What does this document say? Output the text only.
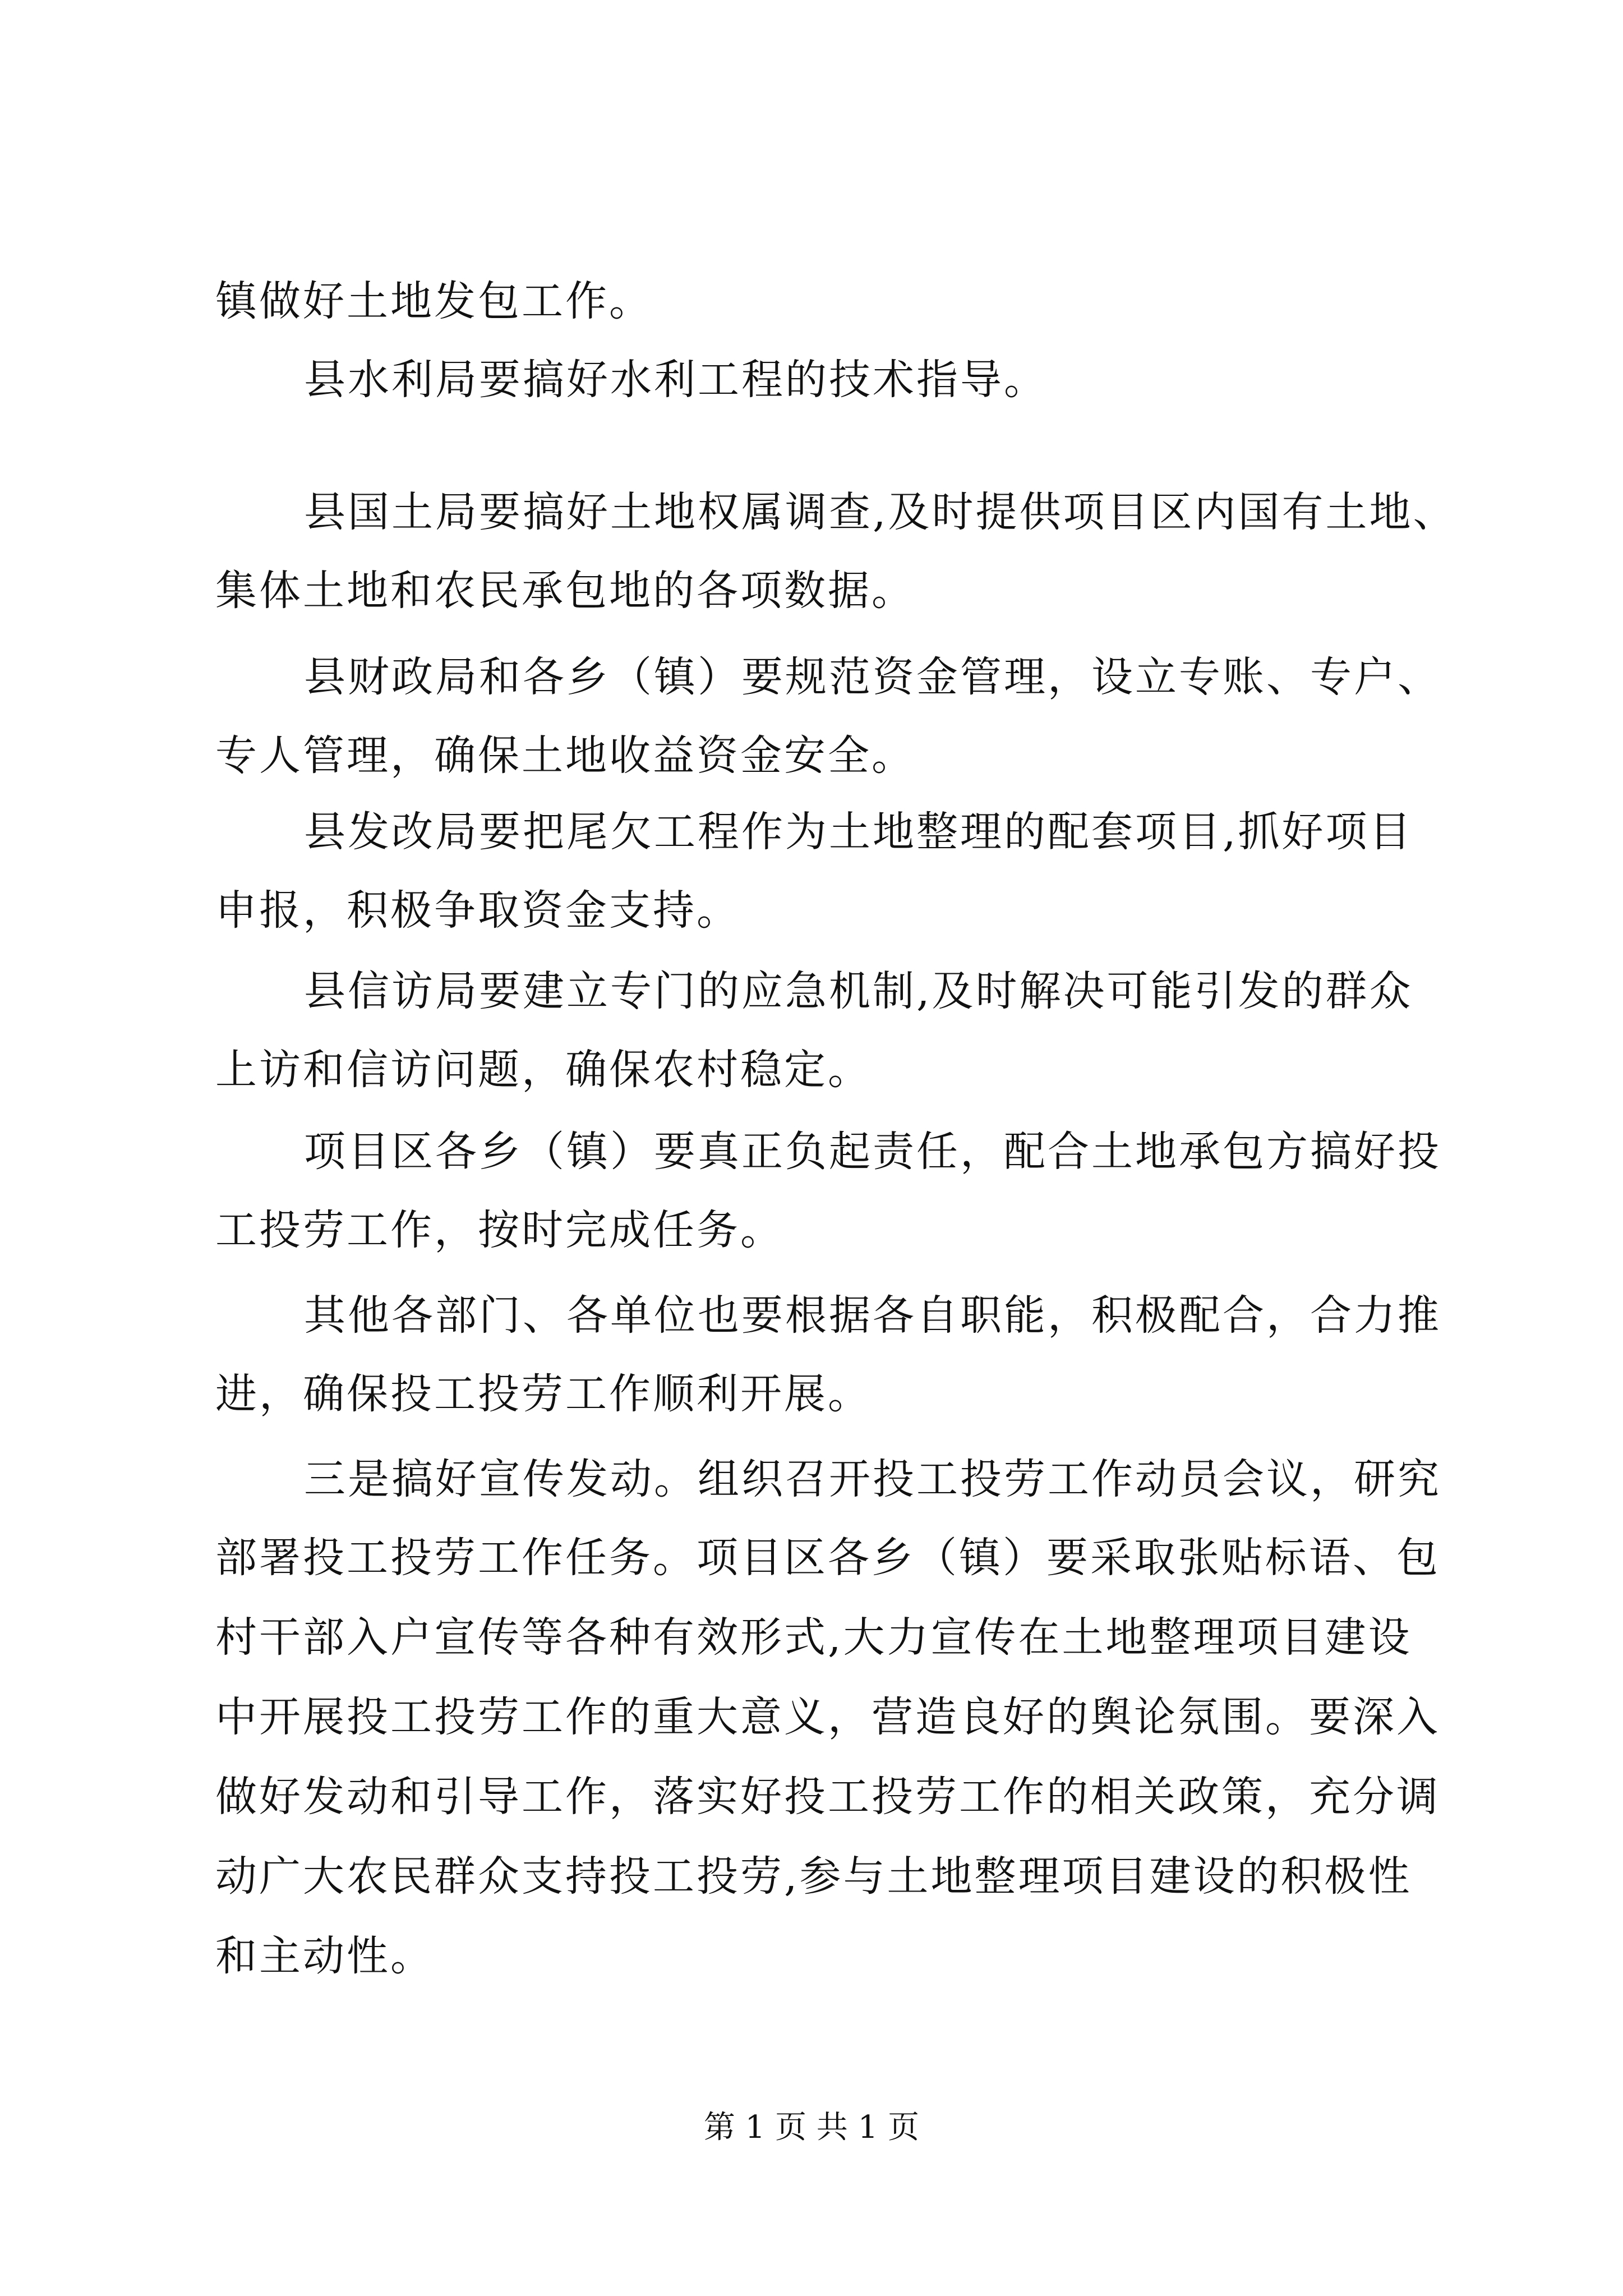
镇做好土地发包工作。
县水利局要搞好水利工程的技术指导。
县国土局要搞好土地权属调查,及时提供项目区内国有土地、
集体土地和农民承包地的各项数据。
县财政局和各乡（镇）要规范资金管理，设立专账、专户、
专人管理，确保土地收益资金安全。
县发改局要把尾欠工程作为土地整理的配套项目,抓好项目
申报，积极争取资金支持。
县信访局要建立专门的应急机制,及时解决可能引发的群众
上访和信访问题，确保农村稳定。
项目区各乡（镇）要真正负起责任，配合土地承包方搞好投
工投劳工作，按时完成任务。
其他各部门、各单位也要根据各自职能，积极配合，合力推
进，确保投工投劳工作顺利开展。
三是搞好宣传发动。组织召开投工投劳工作动员会议，研究
部署投工投劳工作任务。项目区各乡（镇）要采取张贴标语、包
村干部入户宣传等各种有效形式,大力宣传在土地整理项目建设
中开展投工投劳工作的重大意义，营造良好的舆论氛围。要深入
做好发动和引导工作，落实好投工投劳工作的相关政策，充分调
动广大农民群众支持投工投劳,参与土地整理项目建设的积极性
和主动性。
第 1 页 共 1 页
